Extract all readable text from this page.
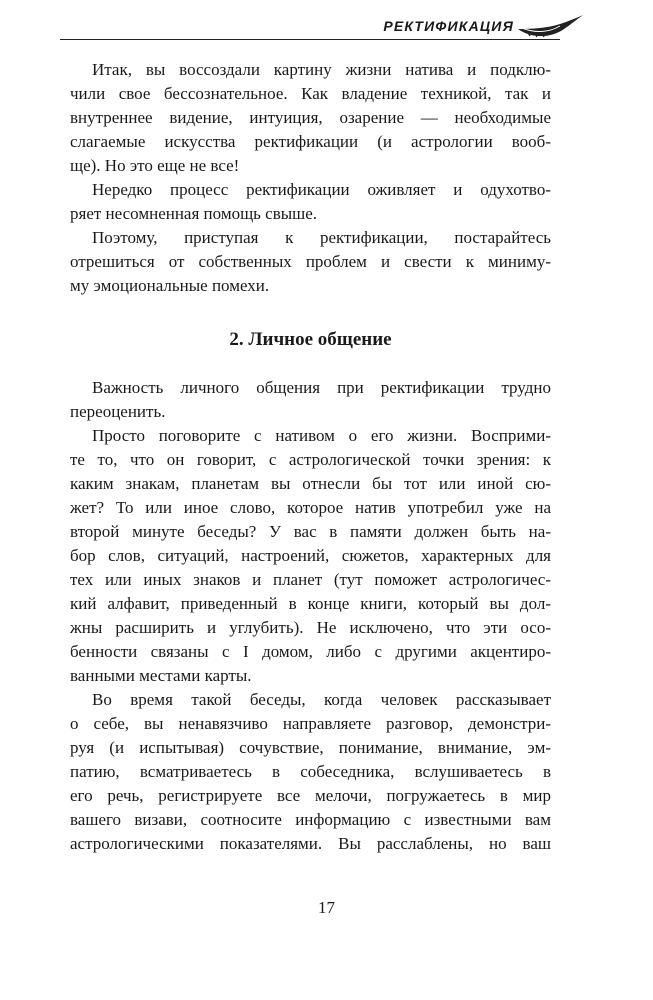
РЕКТИФИКАЦИЯ
Итак, вы воссоздали картину жизни натива и подклю-
чили свое бессознательное. Как владение техникой, так и
внутреннее видение, интуиция, озарение — необходимые
слагаемые искусства ректификации (и астрологии вооб-
ще). Но это еще не все!
Нередко процесс ректификации оживляет и одухотво-
ряет несомненная помощь свыше.
Поэтому, приступая к ректификации, постарайтесь
отрешиться от собственных проблем и свести к миниму-
му эмоциональные помехи.
2. Личное общение
Важность личного общения при ректификации трудно
переоценить.
Просто поговорите с нативом о его жизни. Восприми-
те то, что он говорит, с астрологической точки зрения: к
каким знакам, планетам вы отнесли бы тот или иной сю-
жет? То или иное слово, которое натив употребил уже на
второй минуте беседы? У вас в памяти должен быть на-
бор слов, ситуаций, настроений, сюжетов, характерных для
тех или иных знаков и планет (тут поможет астрологичес-
кий алфавит, приведенный в конце книги, который вы дол-
жны расширить и углубить). Не исключено, что эти осо-
бенности связаны с I домом, либо с другими акцентиро-
ванными местами карты.
Во время такой беседы, когда человек рассказывает
о себе, вы ненавязчиво направляете разговор, демонстри-
руя (и испытывая) сочувствие, понимание, внимание, эм-
патию, всматриваетесь в собеседника, вслушиваетесь в
его речь, регистрируете все мелочи, погружаетесь в мир
вашего визави, соотносите информацию с известными вам
астрологическими показателями. Вы расслаблены, но ваш
17
